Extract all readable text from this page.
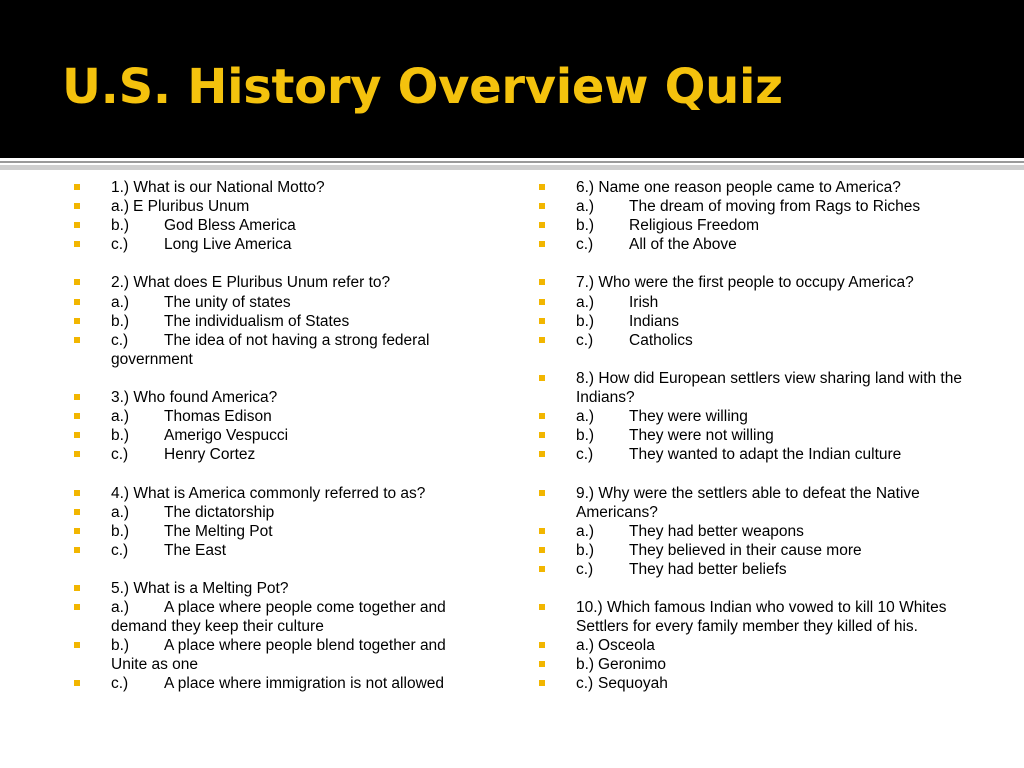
U.S. History Overview Quiz
1.) What is our National Motto?
a.) E Pluribus Unum
b.) God Bless America
c.) Long Live America
2.) What does E Pluribus Unum refer to?
a.) The unity of states
b.) The individualism of States
c.) The idea of not having a strong federal government
3.) Who found America?
a.) Thomas Edison
b.) Amerigo Vespucci
c.) Henry Cortez
4.) What is America commonly referred to as?
a.) The dictatorship
b.) The Melting Pot
c.) The East
5.) What is a Melting Pot?
a.) A place where people come together and demand they keep their culture
b.) A place where people blend together and Unite as one
c.) A place where immigration is not allowed
6.) Name one reason people came to America?
a.) The dream of moving from Rags to Riches
b.) Religious Freedom
c.) All of the Above
7.) Who were the first people to occupy America?
a.) Irish
b.) Indians
c.) Catholics
8.) How did European settlers view sharing land with the Indians?
a.) They were willing
b.) They were not willing
c.) They wanted to adapt the Indian culture
9.) Why were the settlers able to defeat the Native Americans?
a.) They had better weapons
b.) They believed in their cause more
c.) They had better beliefs
10.) Which famous Indian who vowed to kill 10 Whites Settlers for every family member they killed of his.
a.) Osceola
b.) Geronimo
c.) Sequoyah
